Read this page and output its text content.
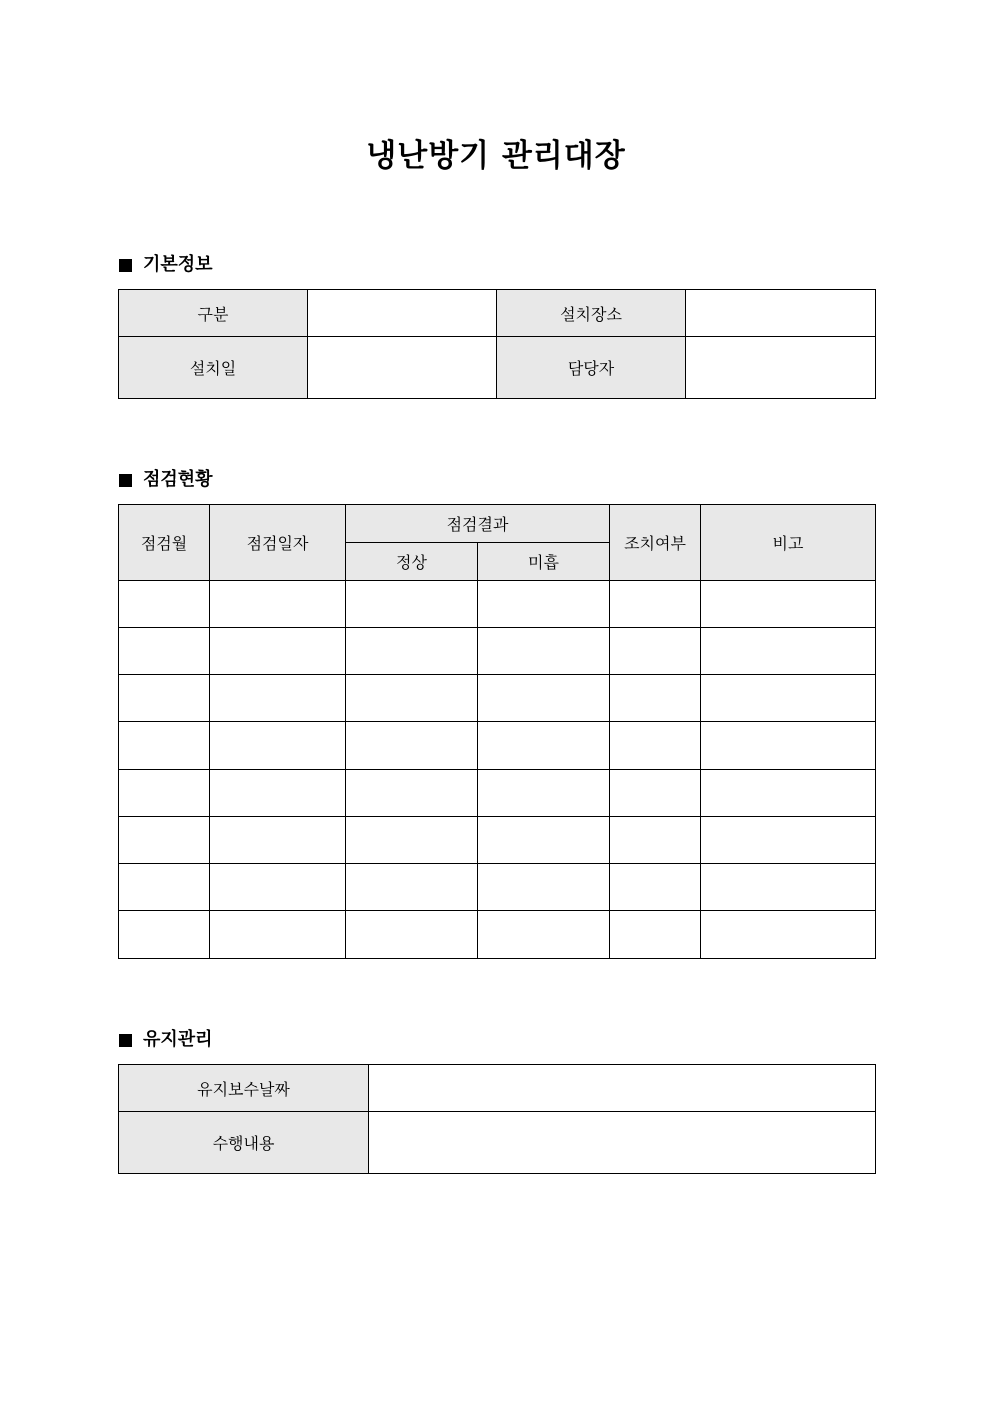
냉난방기 관리대장
기본정보
구분		설치장소	
설치일		담당자	
점검현황
점검월	점검일자	점검결과		조치여부	비고
		정상	미흡		

유지관리
유지보수날짜	
수행내용	
